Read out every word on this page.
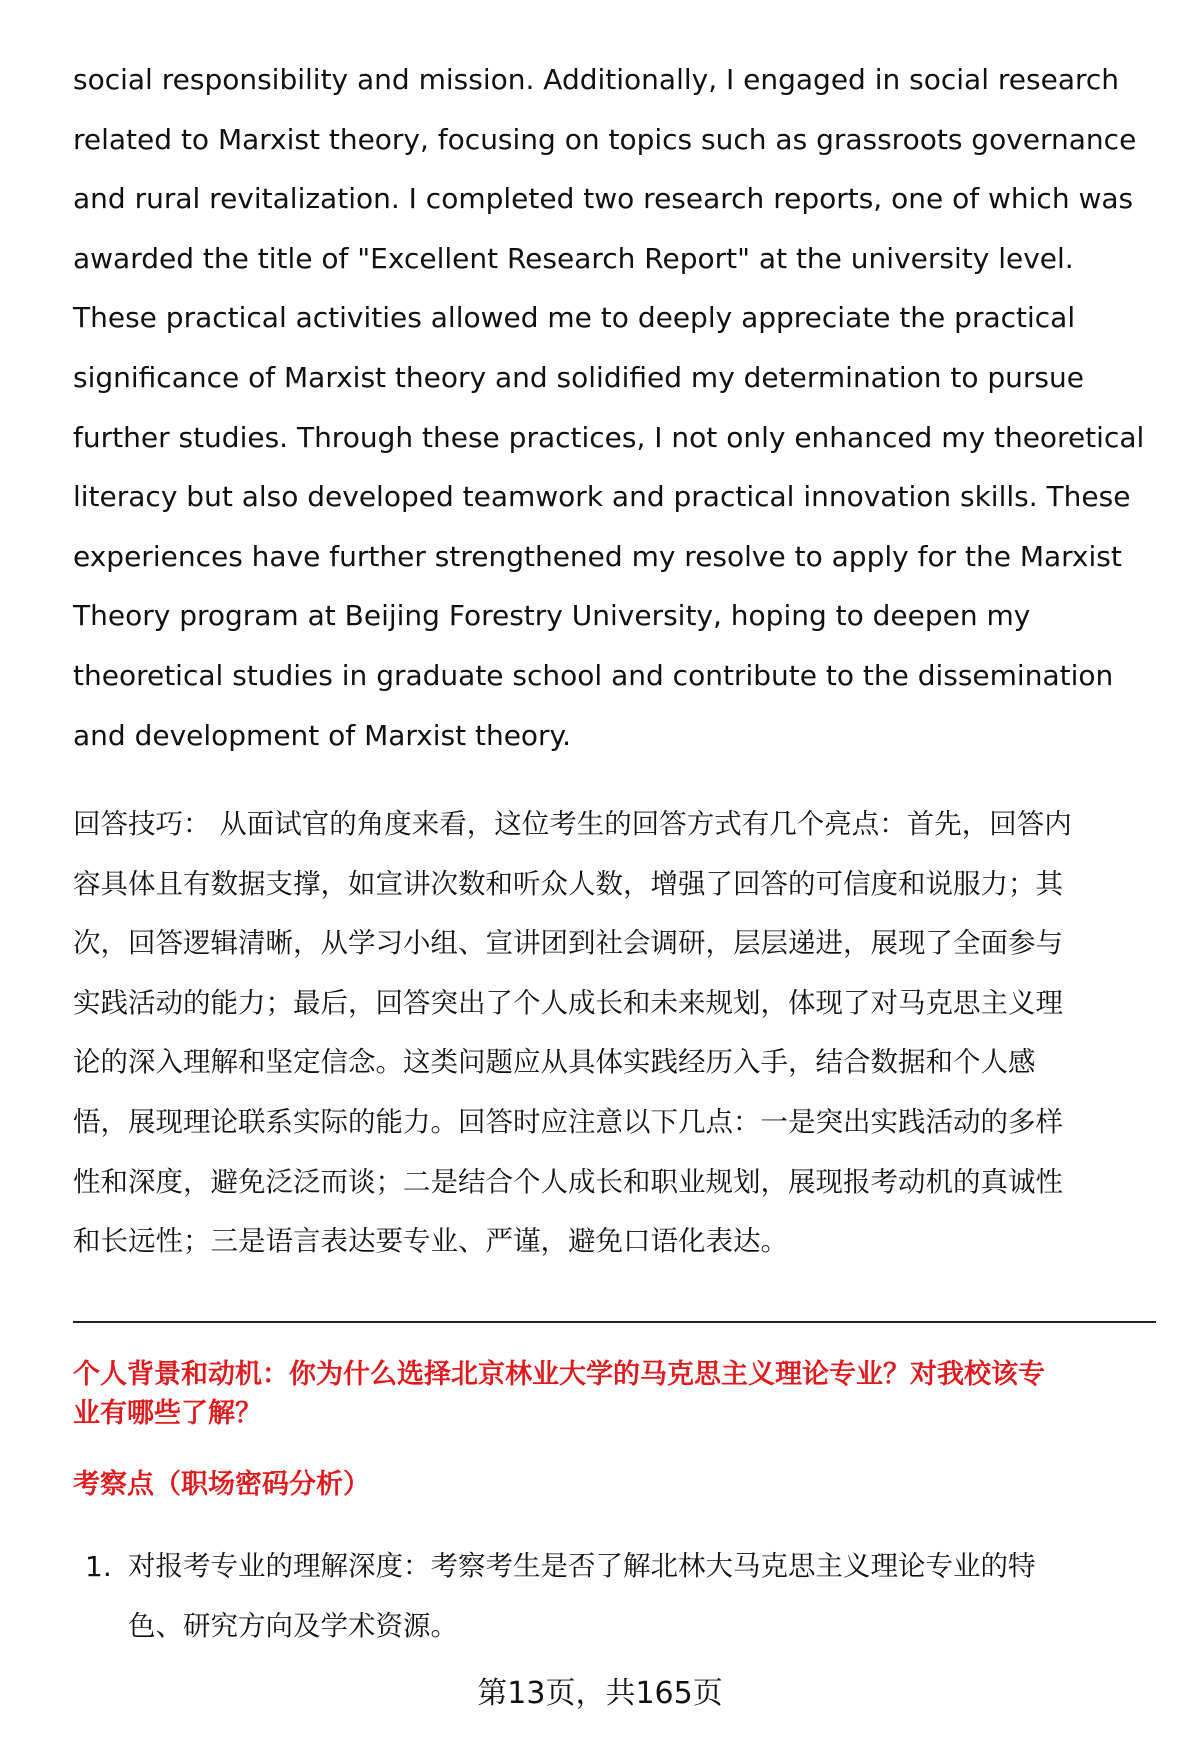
social responsibility and mission. Additionally, I engaged in social research
related to Marxist theory, focusing on topics such as grassroots governance
and rural revitalization. I completed two research reports, one of which was
awarded the title of "Excellent Research Report" at the university level.
These practical activities allowed me to deeply appreciate the practical
significance of Marxist theory and solidified my determination to pursue
further studies. Through these practices, I not only enhanced my theoretical
literacy but also developed teamwork and practical innovation skills. These
experiences have further strengthened my resolve to apply for the Marxist
Theory program at Beijing Forestry University, hoping to deepen my
theoretical studies in graduate school and contribute to the dissemination
and development of Marxist theory.
回答技巧： 从面试官的角度来看，这位考生的回答方式有几个亮点：首先，回答内
容具体且有数据支撑，如宣讲次数和听众人数，增强了回答的可信度和说服力；其
次，回答逻辑清晰，从学习小组、宣讲团到社会调研，层层递进，展现了全面参与
实践活动的能力；最后，回答突出了个人成长和未来规划，体现了对马克思主义理
论的深入理解和坚定信念。这类问题应从具体实践经历入手，结合数据和个人感
悟，展现理论联系实际的能力。回答时应注意以下几点：一是突出实践活动的多样
性和深度，避免泛泛而谈；二是结合个人成长和职业规划，展现报考动机的真诚性
和长远性；三是语言表达要专业、严谨，避免口语化表达。
个人背景和动机：你为什么选择北京林业大学的马克思主义理论专业？对我校该专
业有哪些了解？
考察点（职场密码分析）
1. 对报考专业的理解深度：考察考生是否了解北林大马克思主义理论专业的特
色、研究方向及学术资源。
第13页，共165页
